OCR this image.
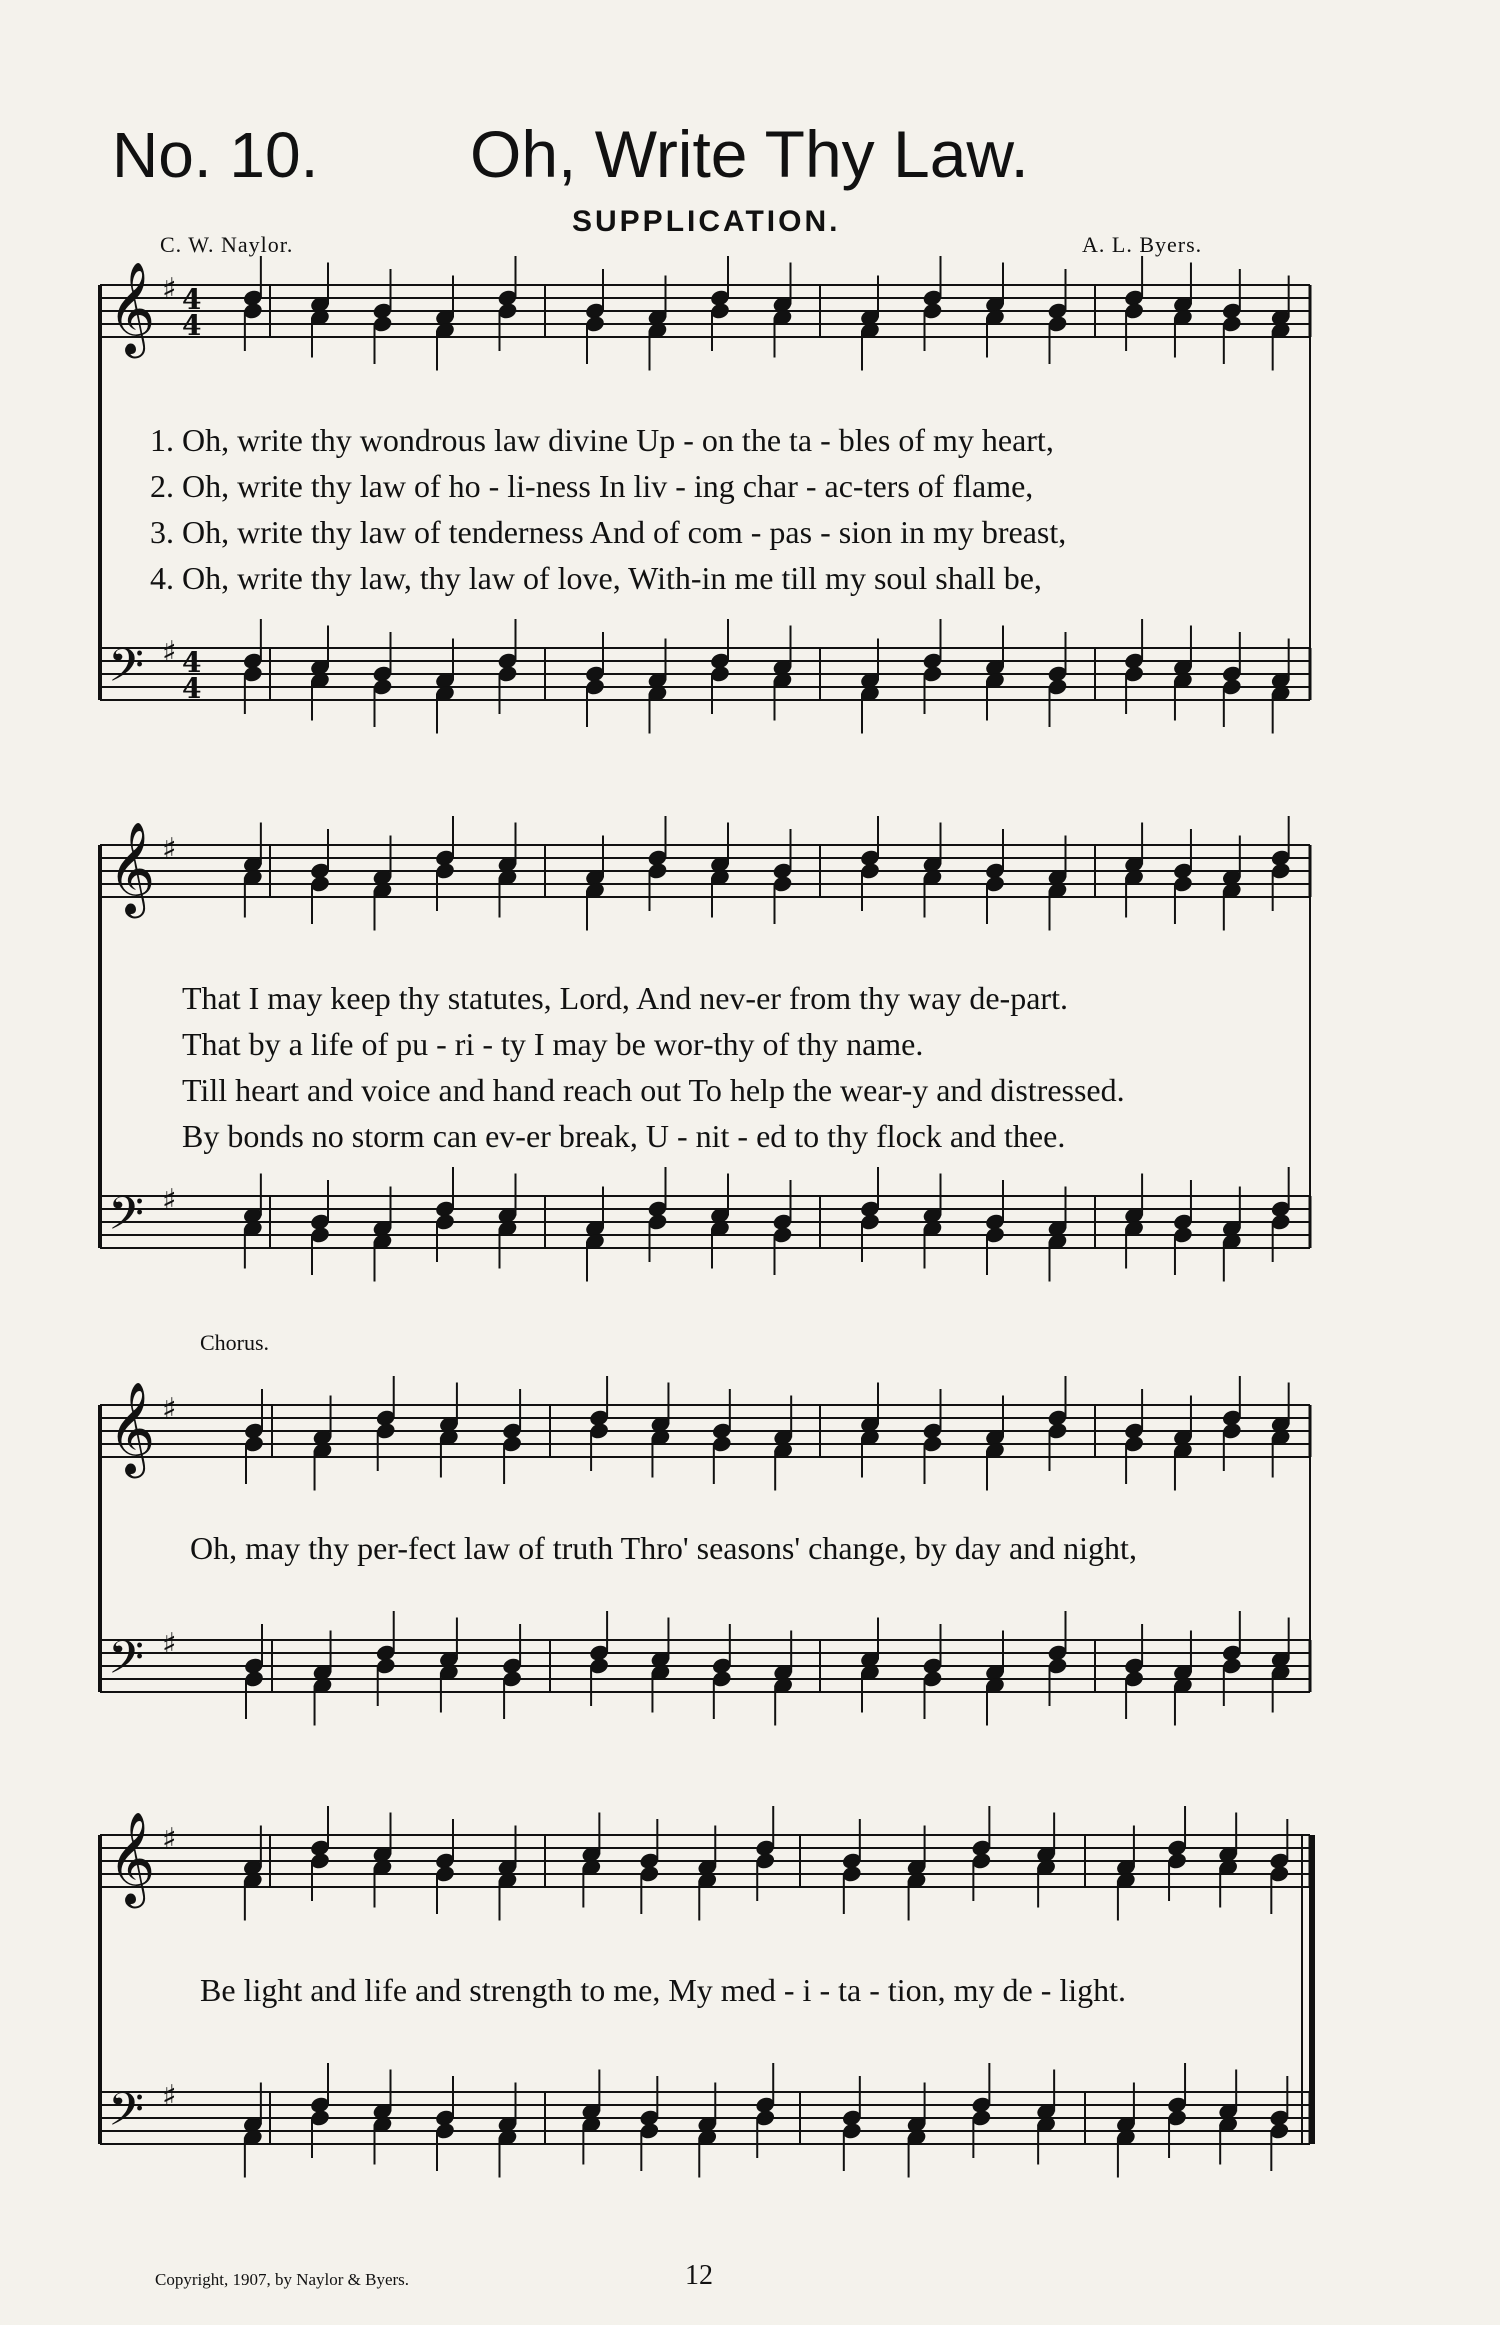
No. 10. Oh, Write Thy Law.
SUPPLICATION.
C. W. Naylor.	A. L. Byers.
𝄞 ♯ 4
4
𝄢 ♯ 4
4
𝄞 ♯
𝄢 ♯
𝄞 ♯
𝄢 ♯
𝄞 ♯
𝄢 ♯
1. Oh, write thy wondrous law divine Up - on the ta - bles of my heart,
2. Oh, write thy law of ho - li-ness In liv - ing char - ac-ters of flame,
3. Oh, write thy law of tenderness And of com - pas - sion in my breast,
4. Oh, write thy law, thy law of love, With-in me till my soul shall be,
That I may keep thy statutes, Lord, And nev-er from thy way de-part.
That by a life of pu - ri - ty I may be wor-thy of thy name.
Till heart and voice and hand reach out To help the wear-y and distressed.
By bonds no storm can ev-er break, U - nit - ed to thy flock and thee.
Chorus.
Oh, may thy per-fect law of truth Thro' seasons' change, by day and night,
Be light and life and strength to me, My med - i - ta - tion, my de - light.
Copyright, 1907, by Naylor & Byers.	12
